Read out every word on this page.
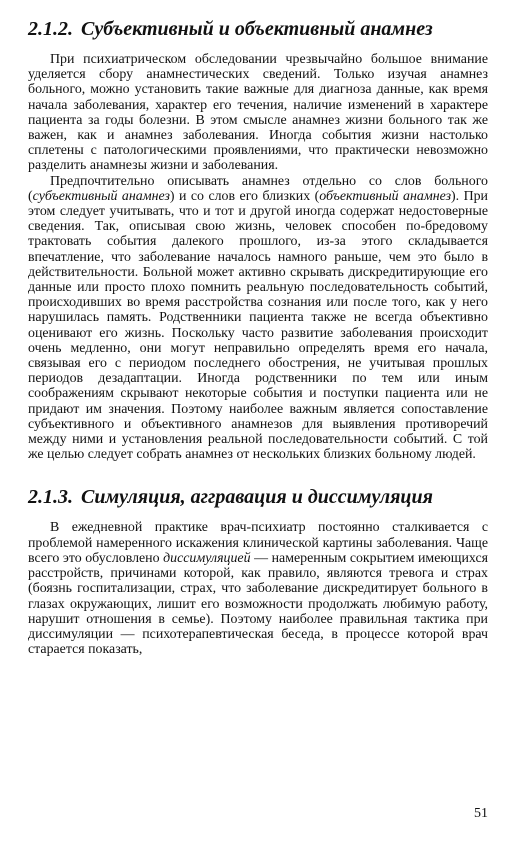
2.1.2. Субъективный и объективный анамнез

При психиатрическом обследовании чрезвычайно большое внимание уделяется сбору анамнестических сведений. Только изучая анамнез больного, можно установить такие важные для диагноза данные, как время начала заболевания, характер его течения, наличие изменений в характере пациента за годы болезни. В этом смысле анамнез жизни больного так же важен, как и анамнез заболевания. Иногда события жизни настолько сплетены с патологическими проявлениями, что практически невозможно разделить анамнезы жизни и заболевания.

Предпочтительно описывать анамнез отдельно со слов больного (субъективный анамнез) и со слов его близких (объективный анамнез). При этом следует учитывать, что и тот и другой иногда содержат недостоверные сведения. Так, описывая свою жизнь, человек способен по-бредовому трактовать события далекого прошлого, из-за этого складывается впечатление, что заболевание началось намного раньше, чем это было в действительности. Больной может активно скрывать дискредитирующие его данные или просто плохо помнить реальную последовательность событий, происходивших во время расстройства сознания или после того, как у него нарушилась память. Родственники пациента также не всегда объективно оценивают его жизнь. Поскольку часто развитие заболевания происходит очень медленно, они могут неправильно определять время его начала, связывая его с периодом последнего обострения, не учитывая прошлых периодов дезадаптации. Иногда родственники по тем или иным соображениям скрывают некоторые события и поступки пациента или не придают им значения. Поэтому наиболее важным является сопоставление субъективного и объективного анамнезов для выявления противоречий между ними и установления реальной последовательности событий. С той же целью следует собрать анамнез от нескольких близких больному людей.

2.1.3. Симуляция, аггравация и диссимуляция

В ежедневной практике врач-психиатр постоянно сталкивается с проблемой намеренного искажения клинической картины заболевания. Чаще всего это обусловлено диссимуляцией — намеренным сокрытием имеющихся расстройств, причинами которой, как правило, являются тревога и страх (боязнь госпитализации, страх, что заболевание дискредитирует больного в глазах окружающих, лишит его возможности продолжать любимую работу, нарушит отношения в семье). Поэтому наиболее правильная тактика при диссимуляции — психотерапевтическая беседа, в процессе которой врач старается показать,

51
